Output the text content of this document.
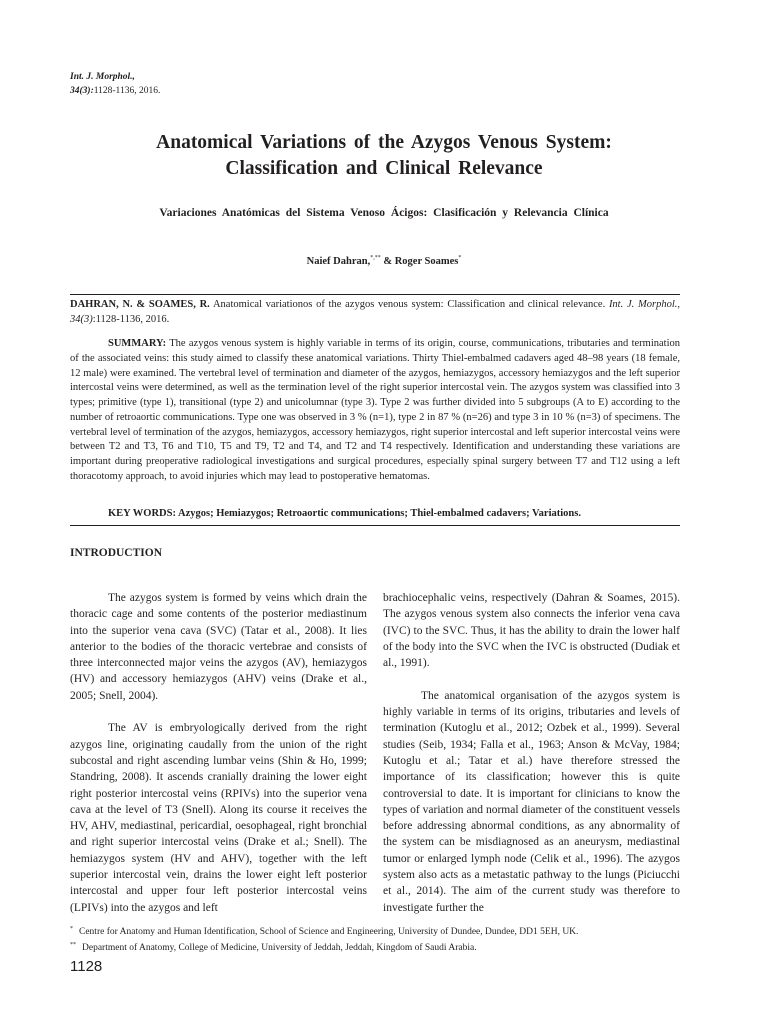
Int. J. Morphol.,
34(3):1128-1136, 2016.
Anatomical Variations of the Azygos Venous System:
Classification and Clinical Relevance
Variaciones Anatómicas del Sistema Venoso Ácigos: Clasificación y Relevancia Clínica
Naief Dahran,*,** & Roger Soames*
DAHRAN, N. & SOAMES, R. Anatomical variationos of the azygos venous system: Classification and clinical relevance. Int. J. Morphol., 34(3):1128-1136, 2016.
SUMMARY: The azygos venous system is highly variable in terms of its origin, course, communications, tributaries and termination of the associated veins: this study aimed to classify these anatomical variations. Thirty Thiel-embalmed cadavers aged 48–98 years (18 female, 12 male) were examined. The vertebral level of termination and diameter of the azygos, hemiazygos, accessory hemiazygos and the left superior intercostal veins were determined, as well as the termination level of the right superior intercostal vein. The azygos system was classified into 3 types; primitive (type 1), transitional (type 2) and unicolumnar (type 3). Type 2 was further divided into 5 subgroups (A to E) according to the number of retroaortic communications. Type one was observed in 3 % (n=1), type 2 in 87 % (n=26) and type 3 in 10 % (n=3) of specimens. The vertebral level of termination of the azygos, hemiazygos, accessory hemiazygos, right superior intercostal and left superior intercostal veins were between T2 and T3, T6 and T10, T5 and T9, T2 and T4, and T2 and T4 respectively. Identification and understanding these variations are important during preoperative radiological investigations and surgical procedures, especially spinal surgery between T7 and T12 using a left thoracotomy approach, to avoid injuries which may lead to postoperative hematomas.
KEY WORDS: Azygos; Hemiazygos; Retroaortic communications; Thiel-embalmed cadavers; Variations.
INTRODUCTION

The azygos system is formed by veins which drain the thoracic cage and some contents of the posterior mediastinum into the superior vena cava (SVC) (Tatar et al., 2008). It lies anterior to the bodies of the thoracic vertebrae and consists of three interconnected major veins the azygos (AV), hemiazygos (HV) and accessory hemiazygos (AHV) veins (Drake et al., 2005; Snell, 2004).

The AV is embryologically derived from the right azygos line, originating caudally from the union of the right subcostal and right ascending lumbar veins (Shin & Ho, 1999; Standring, 2008). It ascends cranially draining the lower eight right posterior intercostal veins (RPIVs) into the superior vena cava at the level of T3 (Snell). Along its course it receives the HV, AHV, mediastinal, pericardial, oesophageal, right bronchial and right superior intercostal veins (Drake et al.; Snell). The hemiazygos system (HV and AHV), together with the left superior intercostal vein, drains the lower eight left posterior intercostal and upper four left posterior intercostal veins (LPIVs) into the azygos and left

brachiocephalic veins, respectively (Dahran & Soames, 2015). The azygos venous system also connects the inferior vena cava (IVC) to the SVC. Thus, it has the ability to drain the lower half of the body into the SVC when the IVC is obstructed (Dudiak et al., 1991).

The anatomical organisation of the azygos system is highly variable in terms of its origins, tributaries and levels of termination (Kutoglu et al., 2012; Ozbek et al., 1999). Several studies (Seib, 1934; Falla et al., 1963; Anson & McVay, 1984; Kutoglu et al.; Tatar et al.) have therefore stressed the importance of its classification; however this is quite controversial to date. It is important for clinicians to know the types of variation and normal diameter of the constituent vessels before addressing abnormal conditions, as any abnormality of the system can be misdiagnosed as an aneurysm, mediastinal tumor or enlarged lymph node (Celik et al., 1996). The azygos system also acts as a metastatic pathway to the lungs (Piciucchi et al., 2014). The aim of the current study was therefore to investigate further the

* Centre for Anatomy and Human Identification, School of Science and Engineering, University of Dundee, Dundee, DD1 5EH, UK.
** Department of Anatomy, College of Medicine, University of Jeddah, Jeddah, Kingdom of Saudi Arabia.
1128
